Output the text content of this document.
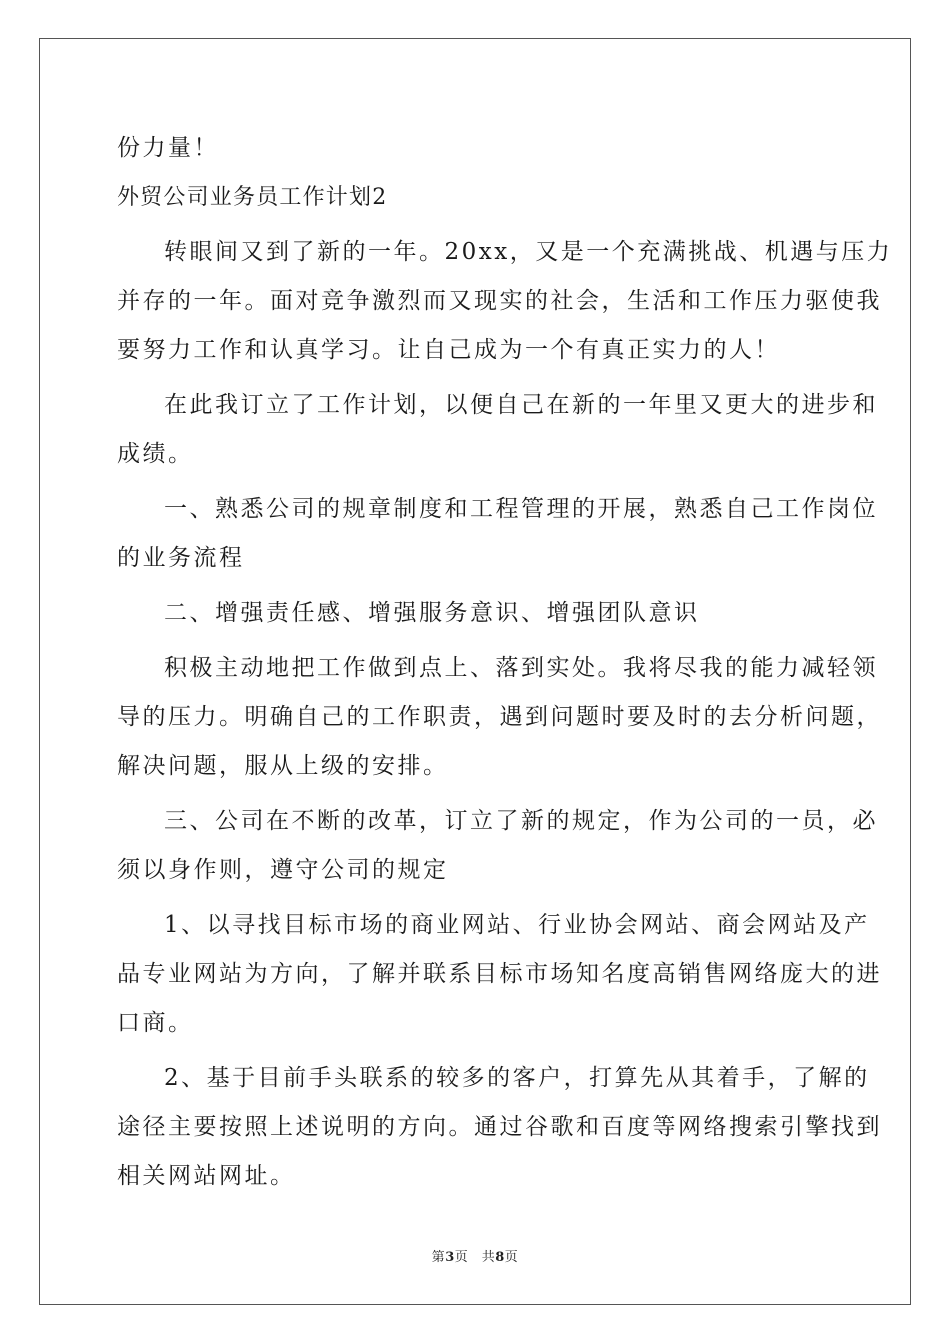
份力量！
外贸公司业务员工作计划2
转眼间又到了新的一年。20xx，又是一个充满挑战、机遇与压力
并存的一年。面对竞争激烈而又现实的社会，生活和工作压力驱使我
要努力工作和认真学习。让自己成为一个有真正实力的人！
在此我订立了工作计划，以便自己在新的一年里又更大的进步和
成绩。
一、熟悉公司的规章制度和工程管理的开展，熟悉自己工作岗位
的业务流程
二、增强责任感、增强服务意识、增强团队意识
积极主动地把工作做到点上、落到实处。我将尽我的能力减轻领
导的压力。明确自己的工作职责，遇到问题时要及时的去分析问题，
解决问题，服从上级的安排。
三、公司在不断的改革，订立了新的规定，作为公司的一员，必
须以身作则，遵守公司的规定
1、以寻找目标市场的商业网站、行业协会网站、商会网站及产
品专业网站为方向，了解并联系目标市场知名度高销售网络庞大的进
口商。
2、基于目前手头联系的较多的客户，打算先从其着手，了解的
途径主要按照上述说明的方向。通过谷歌和百度等网络搜索引擎找到
相关网站网址。
第3页　共8页
